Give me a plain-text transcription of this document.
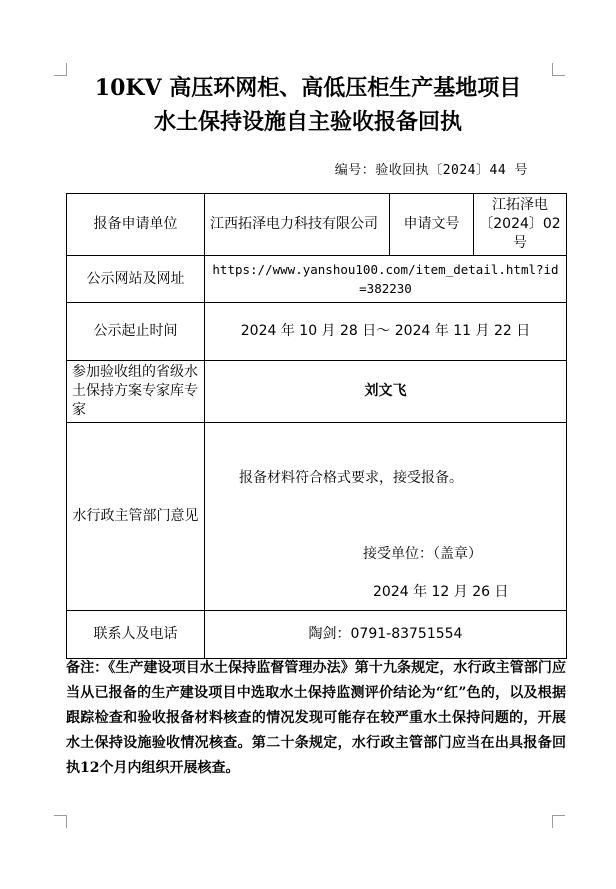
10KV 高压环网柜、高低压柜生产基地项目
水土保持设施自主验收报备回执
编号：验收回执〔2024〕44 号
报备申请单位	江西拓泽电力科技有限公司	申请文号	江拓泽电〔2024〕02 号
公示网站及网址	https://www.yanshou100.com/item_detail.html?id=382230		
公示起止时间	2024 年 10 月 28 日～ 2024 年 11 月 22 日		
参加验收组的省级水土保持方案专家库专家	刘文飞		
水行政主管部门意见	报备材料符合格式要求，接受报备。
接受单位：（盖章）
2024 年 12 月 26 日		

联系人及电话	陶剑：0791-83751554		
备注：《生产建设项目水土保持监督管理办法》第十九条规定，水行政主管部门应当从已报备的生产建设项目中选取水土保持监测评价结论为“红”色的，以及根据跟踪检查和验收报备材料核查的情况发现可能存在较严重水土保持问题的，开展水土保持设施验收情况核查。第二十条规定，水行政主管部门应当在出具报备回执12个月内组织开展核查。
